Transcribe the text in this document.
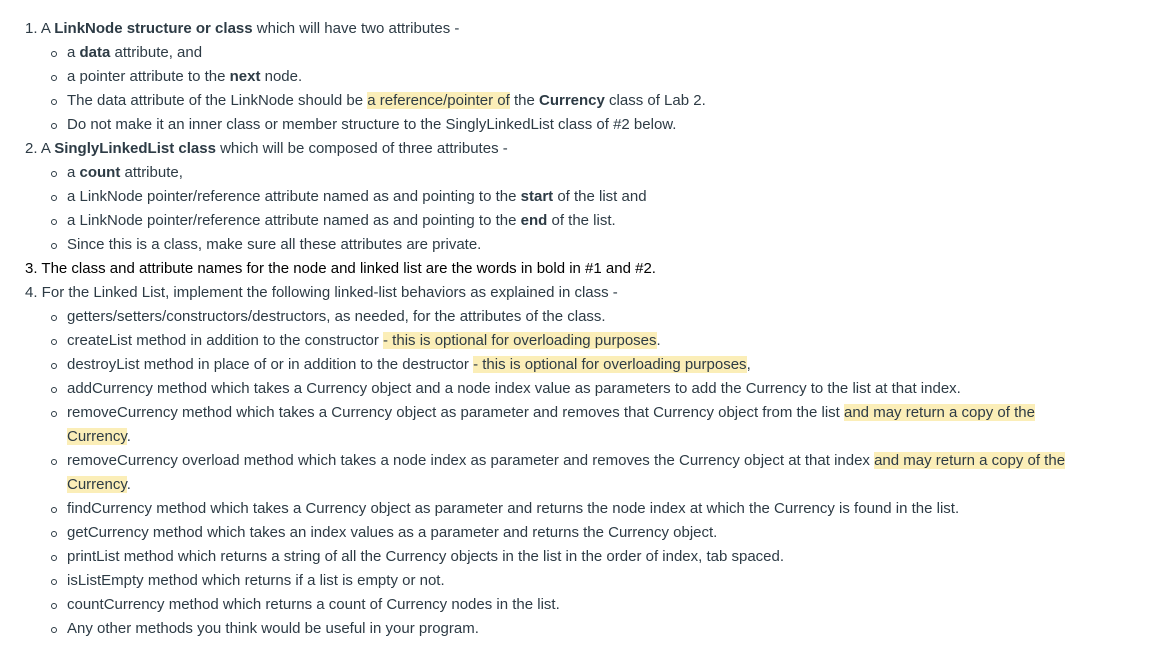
1. A LinkNode structure or class which will have two attributes -
a data attribute, and
a pointer attribute to the next node.
The data attribute of the LinkNode should be a reference/pointer of the Currency class of Lab 2.
Do not make it an inner class or member structure to the SinglyLinkedList class of #2 below.
2. A SinglyLinkedList class which will be composed of three attributes -
a count attribute,
a LinkNode pointer/reference attribute named as and pointing to the start of the list and
a LinkNode pointer/reference attribute named as and pointing to the end of the list.
Since this is a class, make sure all these attributes are private.
3. The class and attribute names for the node and linked list are the words in bold in #1 and #2.
4. For the Linked List, implement the following linked-list behaviors as explained in class -
getters/setters/constructors/destructors, as needed, for the attributes of the class.
createList method in addition to the constructor - this is optional for overloading purposes.
destroyList method in place of or in addition to the destructor - this is optional for overloading purposes,
addCurrency method which takes a Currency object and a node index value as parameters to add the Currency to the list at that index.
removeCurrency method which takes a Currency object as parameter and removes that Currency object from the list and may return a copy of the
Currency.
removeCurrency overload method which takes a node index as parameter and removes the Currency object at that index and may return a copy of the
Currency.
findCurrency method which takes a Currency object as parameter and returns the node index at which the Currency is found in the list.
getCurrency method which takes an index values as a parameter and returns the Currency object.
printList method which returns a string of all the Currency objects in the list in the order of index, tab spaced.
isListEmpty method which returns if a list is empty or not.
countCurrency method which returns a count of Currency nodes in the list.
Any other methods you think would be useful in your program.
